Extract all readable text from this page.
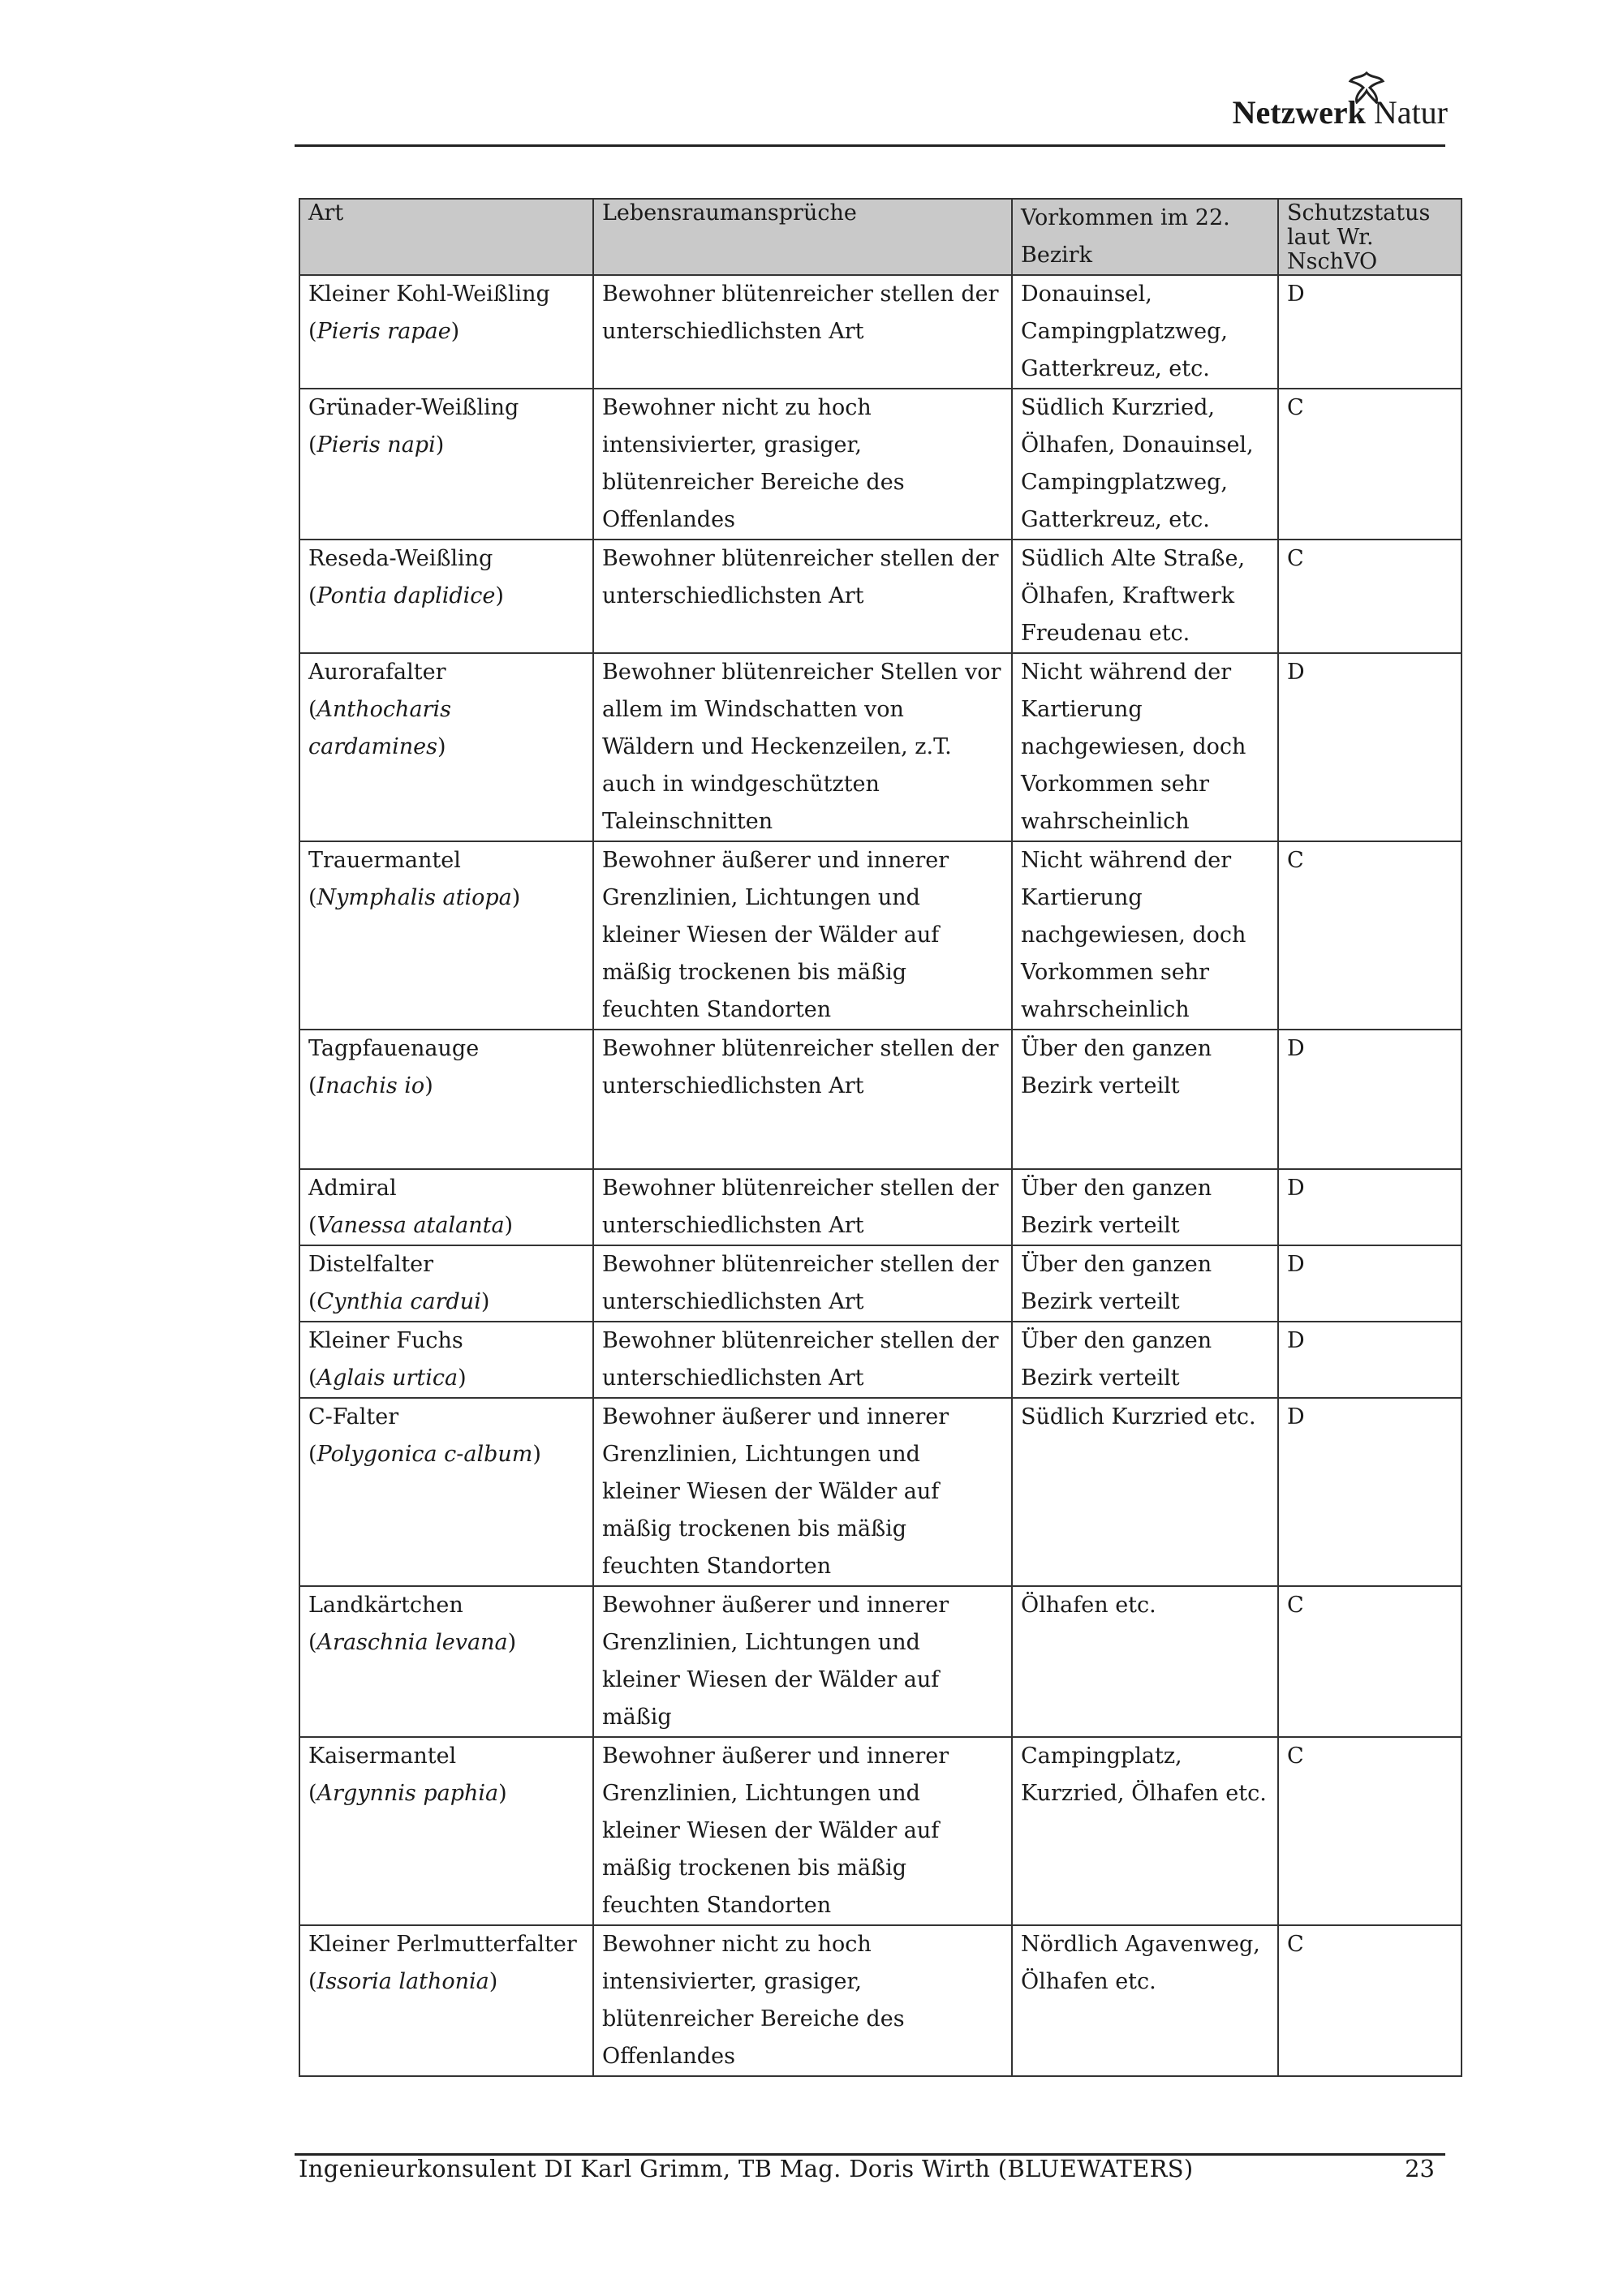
Netzwerk Natur
Art	Lebensraumansprüche	Vorkommen im 22. Bezirk	Schutzstatus laut Wr. NschVO

Kleiner Kohl-Weißling
(Pieris rapae)	Bewohner blütenreicher stellen der unterschiedlichsten Art	Donauinsel, Campingplatzweg, Gatterkreuz, etc.	D

Grünader-Weißling
(Pieris napi)	Bewohner nicht zu hoch intensivierter, grasiger, blütenreicher Bereiche des Offenlandes	Südlich Kurzried, Ölhafen, Donauinsel, Campingplatzweg, Gatterkreuz, etc.	C

Reseda-Weißling
(Pontia daplidice)	Bewohner blütenreicher stellen der unterschiedlichsten Art	Südlich Alte Straße, Ölhafen, Kraftwerk Freudenau etc.	C

Aurorafalter
(Anthocharis cardamines)	Bewohner blütenreicher Stellen vor allem im Windschatten von Wäldern und Heckenzeilen, z.T. auch in windgeschützten Taleinschnitten	Nicht während der Kartierung nachgewiesen, doch Vorkommen sehr wahrscheinlich	D

Trauermantel
(Nymphalis atiopa)	Bewohner äußerer und innerer Grenzlinien, Lichtungen und kleiner Wiesen der Wälder auf mäßig trockenen bis mäßig feuchten Standorten	Nicht während der Kartierung nachgewiesen, doch Vorkommen sehr wahrscheinlich	C

Tagpfauenauge
(Inachis io)	Bewohner blütenreicher stellen der unterschiedlichsten Art	Über den ganzen Bezirk verteilt	D

Admiral
(Vanessa atalanta)	Bewohner blütenreicher stellen der unterschiedlichsten Art	Über den ganzen Bezirk verteilt	D

Distelfalter
(Cynthia cardui)	Bewohner blütenreicher stellen der unterschiedlichsten Art	Über den ganzen Bezirk verteilt	D

Kleiner Fuchs
(Aglais urtica)	Bewohner blütenreicher stellen der unterschiedlichsten Art	Über den ganzen Bezirk verteilt	D

C-Falter
(Polygonica c-album)	Bewohner äußerer und innerer Grenzlinien, Lichtungen und kleiner Wiesen der Wälder auf mäßig trockenen bis mäßig feuchten Standorten	Südlich Kurzried etc.	D

Landkärtchen
(Araschnia levana)	Bewohner äußerer und innerer Grenzlinien, Lichtungen und kleiner Wiesen der Wälder auf mäßig	Ölhafen etc.	C

Kaisermantel
(Argynnis paphia)	Bewohner äußerer und innerer Grenzlinien, Lichtungen und kleiner Wiesen der Wälder auf mäßig trockenen bis mäßig feuchten Standorten	Campingplatz, Kurzried, Ölhafen etc.	C

Kleiner Perlmutterfalter
(Issoria lathonia)	Bewohner nicht zu hoch intensivierter, grasiger, blütenreicher Bereiche des Offenlandes	Nördlich Agavenweg, Ölhafen etc.	C
Ingenieurkonsulent DI Karl Grimm, TB Mag. Doris Wirth (BLUEWATERS)	23
